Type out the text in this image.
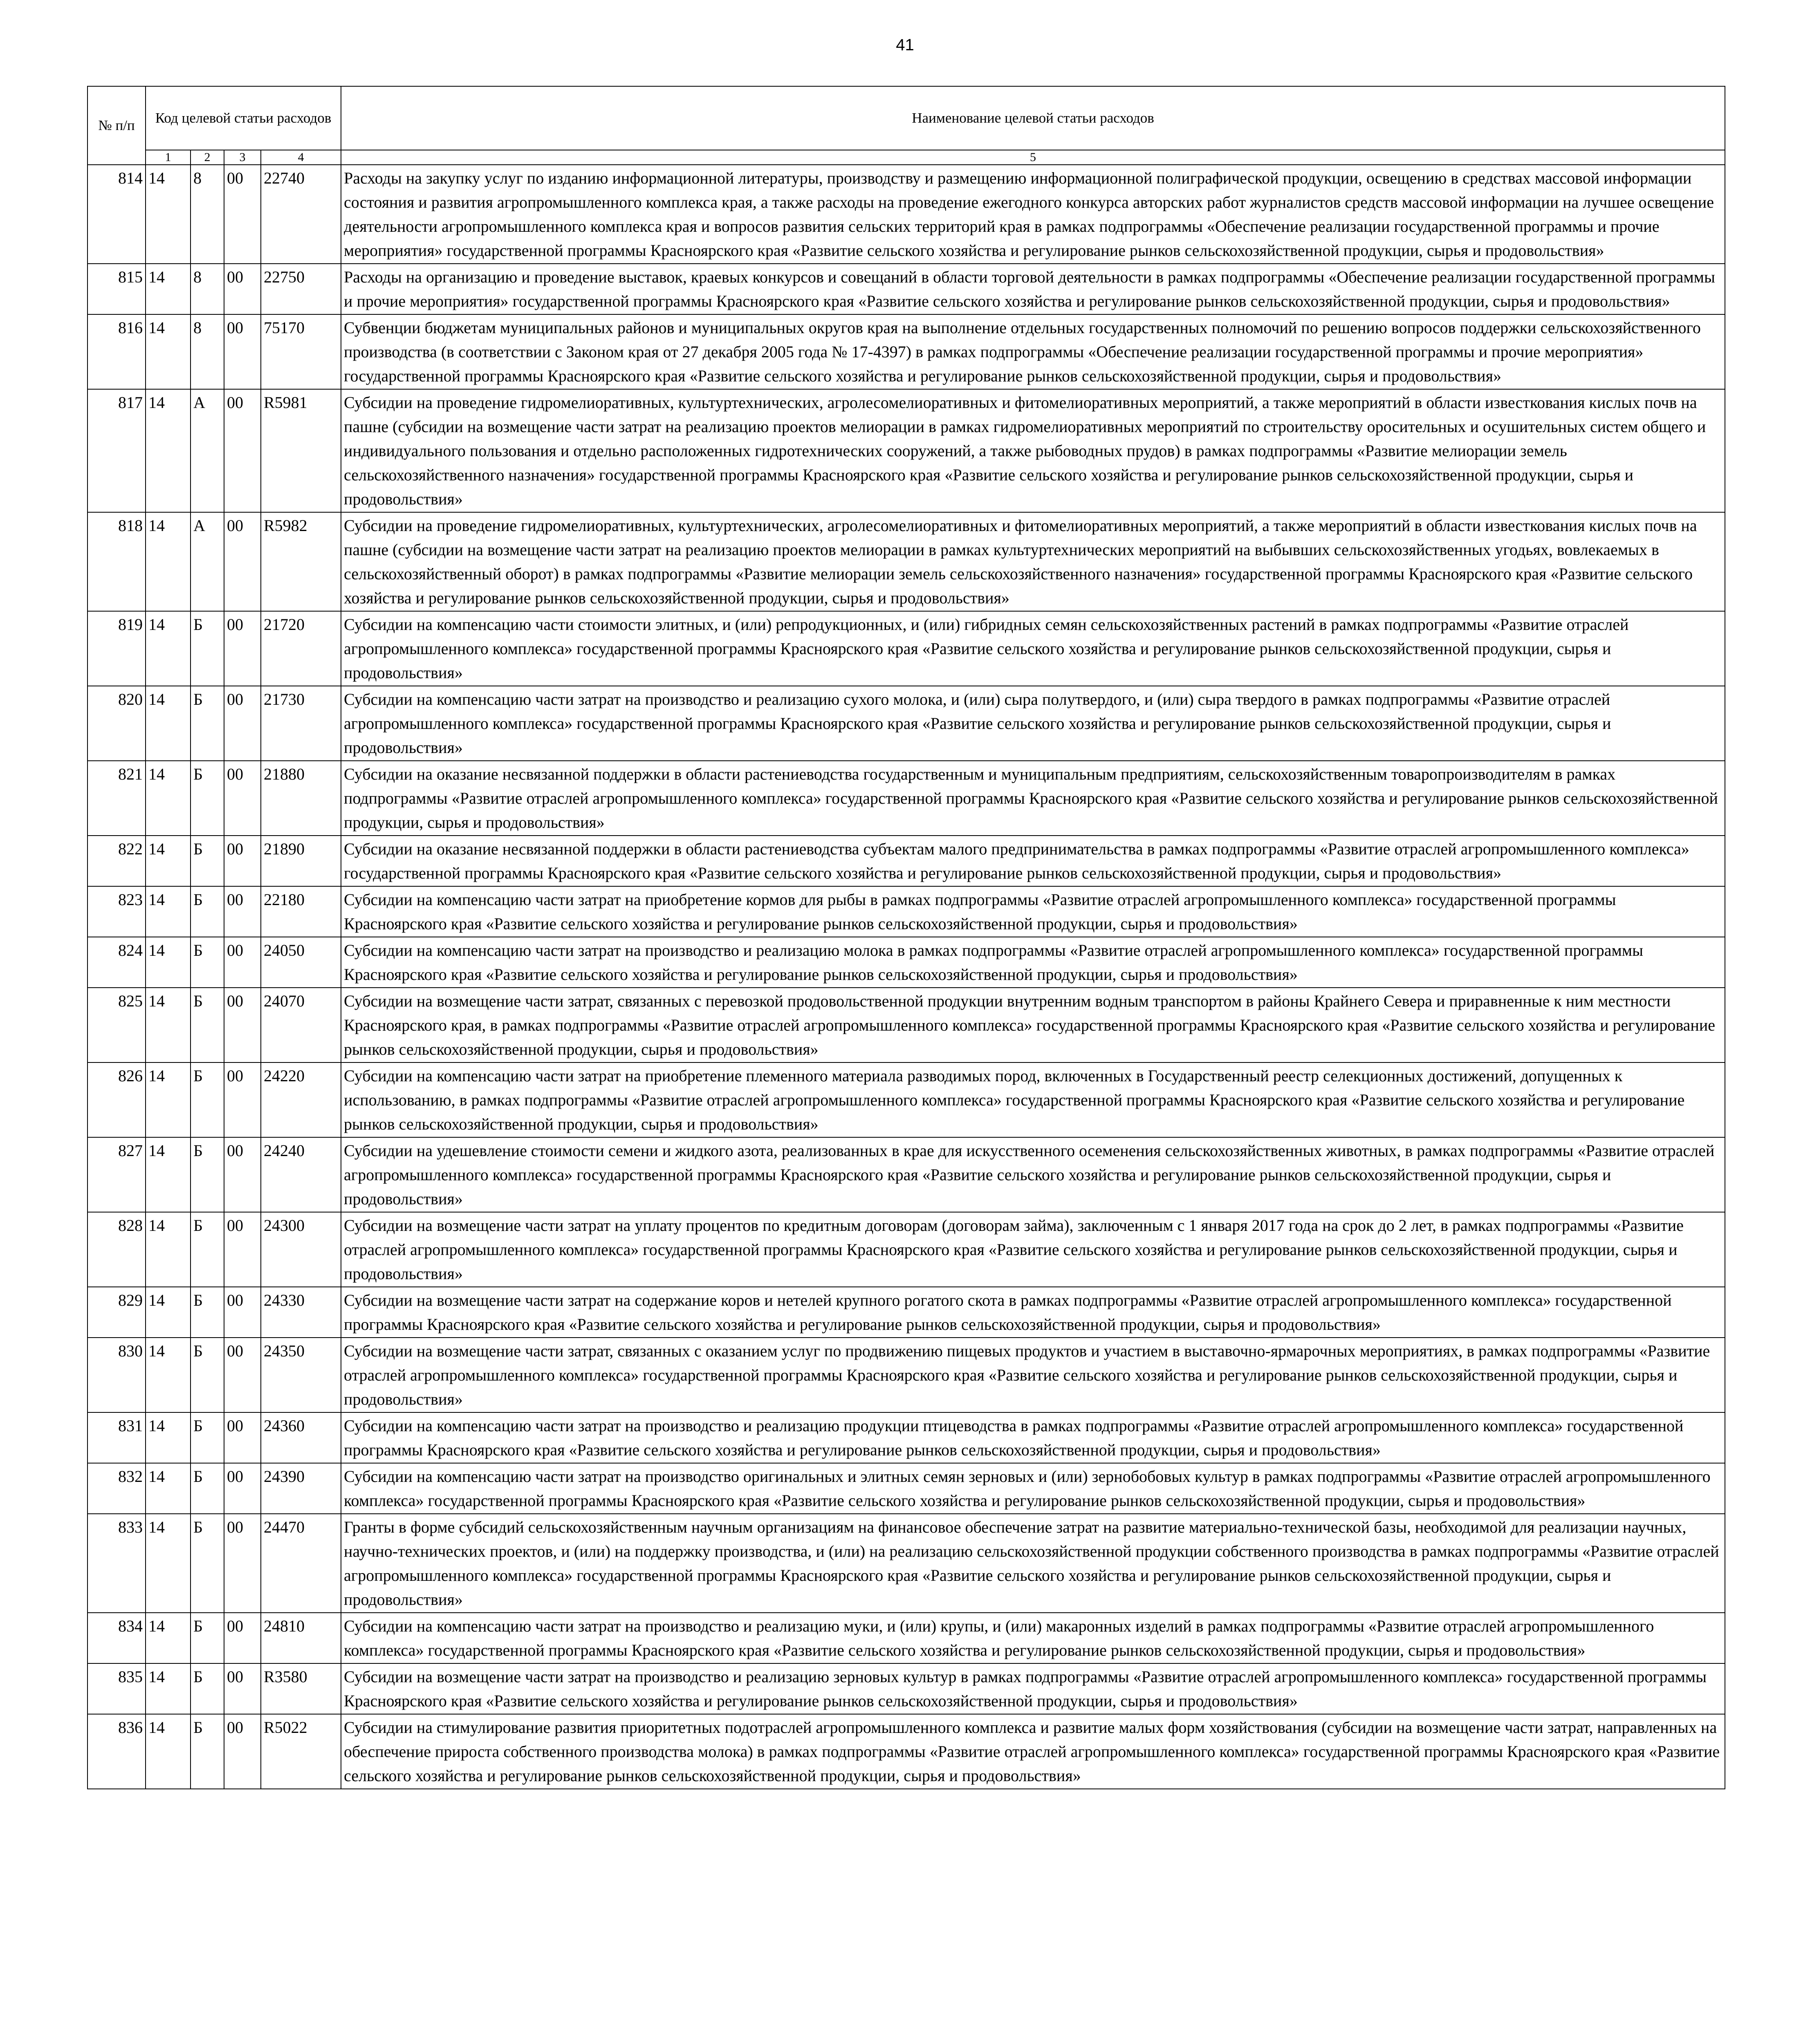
41
№ п/п	Код целевой статьи расходов				Наименование целевой статьи расходов
	1	2	3	4	5
814	14	8	00	22740	Расходы на закупку услуг по изданию информационной литературы, производству и размещению информационной полиграфической продукции, освещению в средствах массовой информации состояния и развития агропромышленного комплекса края, а также расходы на проведение ежегодного конкурса авторских работ журналистов средств массовой информации на лучшее освещение деятельности агропромышленного комплекса края и вопросов развития сельских территорий края в рамках подпрограммы «Обеспечение реализации государственной программы и прочие мероприятия» государственной программы Красноярского края «Развитие сельского хозяйства и регулирование рынков сельскохозяйственной продукции, сырья и продовольствия»
815	14	8	00	22750	Расходы на организацию и проведение выставок, краевых конкурсов и совещаний в области торговой деятельности в рамках подпрограммы «Обеспечение реализации государственной программы и прочие мероприятия» государственной программы Красноярского края «Развитие сельского хозяйства и регулирование рынков сельскохозяйственной продукции, сырья и продовольствия»
816	14	8	00	75170	Субвенции бюджетам муниципальных районов и муниципальных округов края на выполнение отдельных государственных полномочий по решению вопросов поддержки сельскохозяйственного производства (в соответствии с Законом края от 27 декабря 2005 года № 17-4397) в рамках подпрограммы «Обеспечение реализации государственной программы и прочие мероприятия» государственной программы Красноярского края «Развитие сельского хозяйства и регулирование рынков сельскохозяйственной продукции, сырья и продовольствия»
817	14	А	00	R5981	Субсидии на проведение гидромелиоративных, культуртехнических, агролесомелиоративных и фитомелиоративных мероприятий, а также мероприятий в области известкования кислых почв на пашне (субсидии на возмещение части затрат на реализацию проектов мелиорации в рамках гидромелиоративных мероприятий по строительству оросительных и осушительных систем общего и индивидуального пользования и отдельно расположенных гидротехнических сооружений, а также рыбоводных прудов) в рамках подпрограммы «Развитие мелиорации земель сельскохозяйственного назначения» государственной программы Красноярского края «Развитие сельского хозяйства и регулирование рынков сельскохозяйственной продукции, сырья и продовольствия»
818	14	А	00	R5982	Субсидии на проведение гидромелиоративных, культуртехнических, агролесомелиоративных и фитомелиоративных мероприятий, а также мероприятий в области известкования кислых почв на пашне (субсидии на возмещение части затрат на реализацию проектов мелиорации в рамках культуртехнических мероприятий на выбывших сельскохозяйственных угодьях, вовлекаемых в сельскохозяйственный оборот) в рамках подпрограммы «Развитие мелиорации земель сельскохозяйственного назначения» государственной программы Красноярского края «Развитие сельского хозяйства и регулирование рынков сельскохозяйственной продукции, сырья и продовольствия»
819	14	Б	00	21720	Субсидии на компенсацию части стоимости элитных, и (или) репродукционных, и (или) гибридных семян сельскохозяйственных растений в рамках подпрограммы «Развитие отраслей агропромышленного комплекса» государственной программы Красноярского края «Развитие сельского хозяйства и регулирование рынков сельскохозяйственной продукции, сырья и продовольствия»
820	14	Б	00	21730	Субсидии на компенсацию части затрат на производство и реализацию сухого молока, и (или) сыра полутвердого, и (или) сыра твердого в рамках подпрограммы «Развитие отраслей агропромышленного комплекса» государственной программы Красноярского края «Развитие сельского хозяйства и регулирование рынков сельскохозяйственной продукции, сырья и продовольствия»
821	14	Б	00	21880	Субсидии на оказание несвязанной поддержки в области растениеводства государственным и муниципальным предприятиям, сельскохозяйственным товаропроизводителям в рамках подпрограммы «Развитие отраслей агропромышленного комплекса» государственной программы Красноярского края «Развитие сельского хозяйства и регулирование рынков сельскохозяйственной продукции, сырья и продовольствия»
822	14	Б	00	21890	Субсидии на оказание несвязанной поддержки в области растениеводства субъектам малого предпринимательства в рамках подпрограммы «Развитие отраслей агропромышленного комплекса» государственной программы Красноярского края «Развитие сельского хозяйства и регулирование рынков сельскохозяйственной продукции, сырья и продовольствия»
823	14	Б	00	22180	Субсидии на компенсацию части затрат на приобретение кормов для рыбы в рамках подпрограммы «Развитие отраслей агропромышленного комплекса» государственной программы Красноярского края «Развитие сельского хозяйства и регулирование рынков сельскохозяйственной продукции, сырья и продовольствия»
824	14	Б	00	24050	Субсидии на компенсацию части затрат на производство и реализацию молока в рамках подпрограммы «Развитие отраслей агропромышленного комплекса» государственной программы Красноярского края «Развитие сельского хозяйства и регулирование рынков сельскохозяйственной продукции, сырья и продовольствия»
825	14	Б	00	24070	Субсидии на возмещение части затрат, связанных с перевозкой продовольственной продукции внутренним водным транспортом в районы Крайнего Севера и приравненные к ним местности Красноярского края, в рамках подпрограммы «Развитие отраслей агропромышленного комплекса» государственной программы Красноярского края «Развитие сельского хозяйства и регулирование рынков сельскохозяйственной продукции, сырья и продовольствия»
826	14	Б	00	24220	Субсидии на компенсацию части затрат на приобретение племенного материала разводимых пород, включенных в Государственный реестр селекционных достижений, допущенных к использованию, в рамках подпрограммы «Развитие отраслей агропромышленного комплекса» государственной программы Красноярского края «Развитие сельского хозяйства и регулирование рынков сельскохозяйственной продукции, сырья и продовольствия»
827	14	Б	00	24240	Субсидии на удешевление стоимости семени и жидкого азота, реализованных в крае для искусственного осеменения сельскохозяйственных животных, в рамках подпрограммы «Развитие отраслей агропромышленного комплекса» государственной программы Красноярского края «Развитие сельского хозяйства и регулирование рынков сельскохозяйственной продукции, сырья и продовольствия»
828	14	Б	00	24300	Субсидии на возмещение части затрат на уплату процентов по кредитным договорам (договорам займа), заключенным с 1 января 2017 года на срок до 2 лет, в рамках подпрограммы «Развитие отраслей агропромышленного комплекса» государственной программы Красноярского края «Развитие сельского хозяйства и регулирование рынков сельскохозяйственной продукции, сырья и продовольствия»
829	14	Б	00	24330	Субсидии на возмещение части затрат на содержание коров и нетелей крупного рогатого скота в рамках подпрограммы «Развитие отраслей агропромышленного комплекса» государственной программы Красноярского края «Развитие сельского хозяйства и регулирование рынков сельскохозяйственной продукции, сырья и продовольствия»
830	14	Б	00	24350	Субсидии на возмещение части затрат, связанных с оказанием услуг по продвижению пищевых продуктов и участием в выставочно-ярмарочных мероприятиях, в рамках подпрограммы «Развитие отраслей агропромышленного комплекса» государственной программы Красноярского края «Развитие сельского хозяйства и регулирование рынков сельскохозяйственной продукции, сырья и продовольствия»
831	14	Б	00	24360	Субсидии на компенсацию части затрат на производство и реализацию продукции птицеводства в рамках подпрограммы «Развитие отраслей агропромышленного комплекса» государственной программы Красноярского края «Развитие сельского хозяйства и регулирование рынков сельскохозяйственной продукции, сырья и продовольствия»
832	14	Б	00	24390	Субсидии на компенсацию части затрат на производство оригинальных и элитных семян зерновых и (или) зернобобовых культур в рамках подпрограммы «Развитие отраслей агропромышленного комплекса» государственной программы Красноярского края «Развитие сельского хозяйства и регулирование рынков сельскохозяйственной продукции, сырья и продовольствия»
833	14	Б	00	24470	Гранты в форме субсидий сельскохозяйственным научным организациям на финансовое обеспечение затрат на развитие материально-технической базы, необходимой для реализации научных, научно-технических проектов, и (или) на поддержку производства, и (или) на реализацию сельскохозяйственной продукции собственного производства в рамках подпрограммы «Развитие отраслей агропромышленного комплекса» государственной программы Красноярского края «Развитие сельского хозяйства и регулирование рынков сельскохозяйственной продукции, сырья и продовольствия»
834	14	Б	00	24810	Субсидии на компенсацию части затрат на производство и реализацию муки, и (или) крупы, и (или) макаронных изделий в рамках подпрограммы «Развитие отраслей агропромышленного комплекса» государственной программы Красноярского края «Развитие сельского хозяйства и регулирование рынков сельскохозяйственной продукции, сырья и продовольствия»
835	14	Б	00	R3580	Субсидии на возмещение части затрат на производство и реализацию зерновых культур в рамках подпрограммы «Развитие отраслей агропромышленного комплекса» государственной программы Красноярского края «Развитие сельского хозяйства и регулирование рынков сельскохозяйственной продукции, сырья и продовольствия»
836	14	Б	00	R5022	Субсидии на стимулирование развития приоритетных подотраслей агропромышленного комплекса и развитие малых форм хозяйствования (субсидии на возмещение части затрат, направленных на обеспечение прироста собственного производства молока) в рамках подпрограммы «Развитие отраслей агропромышленного комплекса» государственной программы Красноярского края «Развитие сельского хозяйства и регулирование рынков сельскохозяйственной продукции, сырья и продовольствия»
